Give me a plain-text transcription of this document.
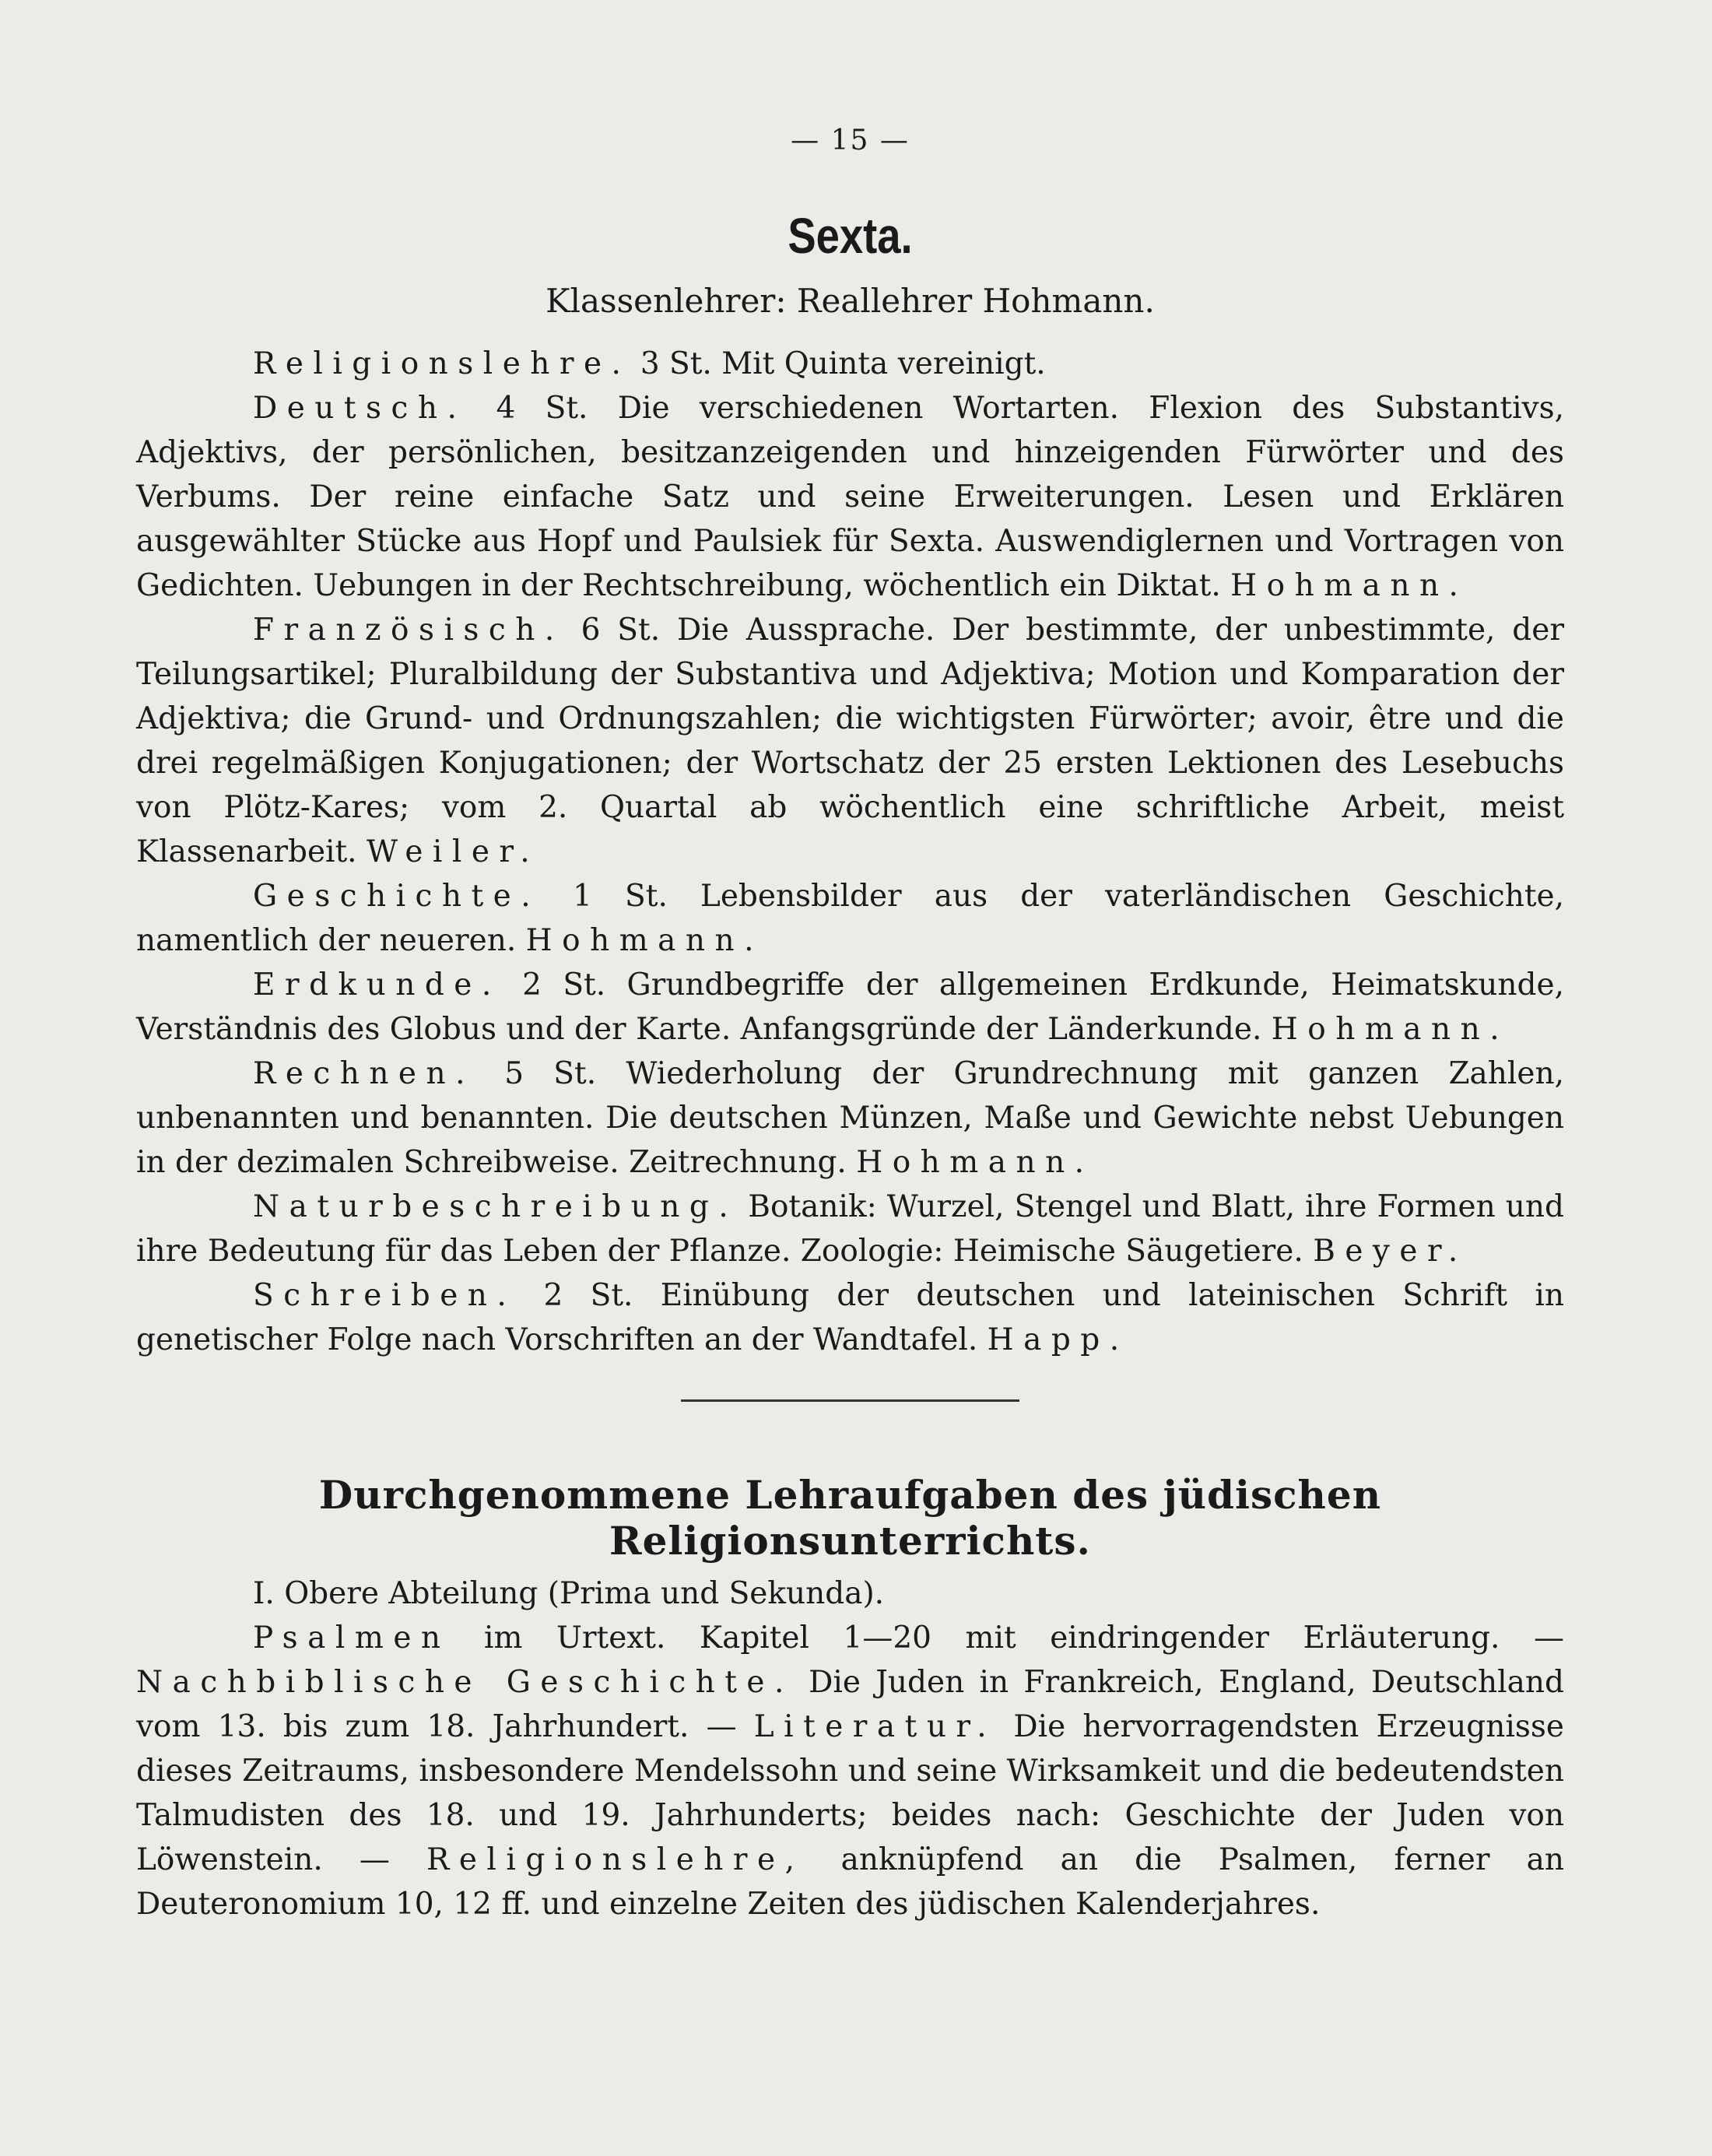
— 15 —

Sexta.

Klassenlehrer: Reallehrer Hohmann.

Religionslehre. 3 St. Mit Quinta vereinigt.

Deutsch. 4 St. Die verschiedenen Wortarten. Flexion des Substantivs, Adjektivs, der persönlichen, besitzanzeigenden und hinzeigenden Fürwörter und des Verbums. Der reine einfache Satz und seine Erweiterungen. Lesen und Erklären ausgewählter Stücke aus Hopf und Paulsiek für Sexta. Auswendiglernen und Vortragen von Gedichten. Uebungen in der Rechtschreibung, wöchentlich ein Diktat. Hohmann.

Französisch. 6 St. Die Aussprache. Der bestimmte, der unbestimmte, der Teilungsartikel; Pluralbildung der Substantiva und Adjektiva; Motion und Komparation der Adjektiva; die Grund- und Ordnungszahlen; die wichtigsten Fürwörter; avoir, être und die drei regelmäßigen Konjugationen; der Wortschatz der 25 ersten Lektionen des Lesebuchs von Plötz-Kares; vom 2. Quartal ab wöchentlich eine schriftliche Arbeit, meist Klassenarbeit. Weiler.

Geschichte. 1 St. Lebensbilder aus der vaterländischen Geschichte, namentlich der neueren. Hohmann.

Erdkunde. 2 St. Grundbegriffe der allgemeinen Erdkunde, Heimatskunde, Verständnis des Globus und der Karte. Anfangsgründe der Länderkunde. Hohmann.

Rechnen. 5 St. Wiederholung der Grundrechnung mit ganzen Zahlen, unbenannten und benannten. Die deutschen Münzen, Maße und Gewichte nebst Uebungen in der dezimalen Schreibweise. Zeitrechnung. Hohmann.

Naturbeschreibung. Botanik: Wurzel, Stengel und Blatt, ihre Formen und ihre Bedeutung für das Leben der Pflanze. Zoologie: Heimische Säugetiere. Beyer.

Schreiben. 2 St. Einübung der deutschen und lateinischen Schrift in genetischer Folge nach Vorschriften an der Wandtafel. Happ.

Durchgenommene Lehraufgaben des jüdischen Religionsunterrichts.

I. Obere Abteilung (Prima und Sekunda).

Psalmen im Urtext. Kapitel 1—20 mit eindringender Erläuterung. — Nachbiblische Geschichte. Die Juden in Frankreich, England, Deutschland vom 13. bis zum 18. Jahrhundert. — Literatur. Die hervorragendsten Erzeugnisse dieses Zeitraums, insbesondere Mendelssohn und seine Wirksamkeit und die bedeutendsten Talmudisten des 18. und 19. Jahrhunderts; beides nach: Geschichte der Juden von Löwenstein. — Religionslehre, anknüpfend an die Psalmen, ferner an Deuteronomium 10, 12 ff. und einzelne Zeiten des jüdischen Kalenderjahres.
